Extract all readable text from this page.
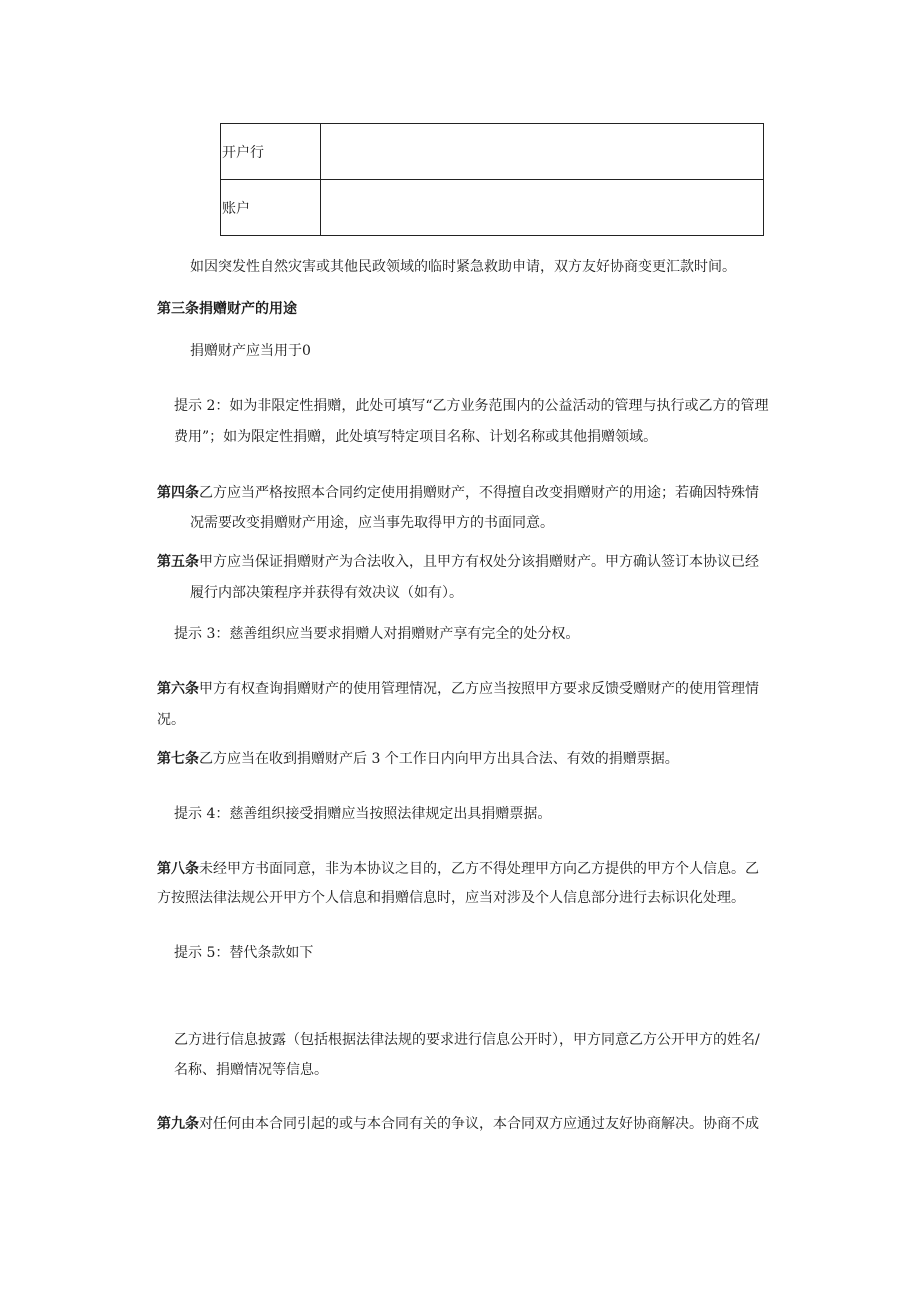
开户行	
账户	
如因突发性自然灾害或其他民政领域的临时紧急救助申请，双方友好协商变更汇款时间。
第三条捐赠财产的用途
捐赠财产应当用于0
提示 2：如为非限定性捐赠，此处可填写“乙方业务范围内的公益活动的管理与执行或乙方的管理
费用”；如为限定性捐赠，此处填写特定项目名称、计划名称或其他捐赠领域。
第四条乙方应当严格按照本合同约定使用捐赠财产，不得擅自改变捐赠财产的用途；若确因特殊情
况需要改变捐赠财产用途，应当事先取得甲方的书面同意。
第五条甲方应当保证捐赠财产为合法收入，且甲方有权处分该捐赠财产。甲方确认签订本协议已经
履行内部决策程序并获得有效决议（如有）。
提示 3：慈善组织应当要求捐赠人对捐赠财产享有完全的处分权。
第六条甲方有权查询捐赠财产的使用管理情况，乙方应当按照甲方要求反馈受赠财产的使用管理情
况。
第七条乙方应当在收到捐赠财产后 3 个工作日内向甲方出具合法、有效的捐赠票据。
提示 4：慈善组织接受捐赠应当按照法律规定出具捐赠票据。
第八条未经甲方书面同意，非为本协议之目的，乙方不得处理甲方向乙方提供的甲方个人信息。乙
方按照法律法规公开甲方个人信息和捐赠信息时，应当对涉及个人信息部分进行去标识化处理。
提示 5：替代条款如下
乙方进行信息披露（包括根据法律法规的要求进行信息公开时），甲方同意乙方公开甲方的姓名/
名称、捐赠情况等信息。
第九条对任何由本合同引起的或与本合同有关的争议，本合同双方应通过友好协商解决。协商不成
